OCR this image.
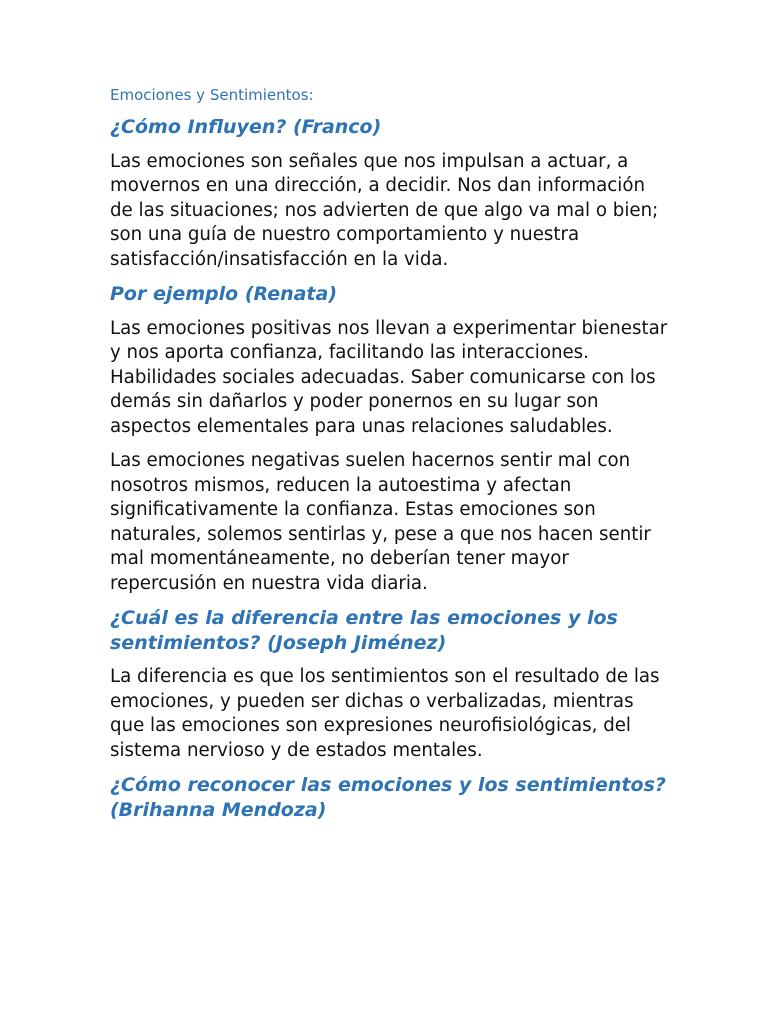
Emociones y Sentimientos:
¿Cómo Influyen? (Franco)
Las emociones son señales que nos impulsan a actuar, a movernos en una dirección, a decidir. Nos dan información de las situaciones; nos advierten de que algo va mal o bien; son una guía de nuestro comportamiento y nuestra satisfacción/insatisfacción en la vida.
Por ejemplo (Renata)
Las emociones positivas nos llevan a experimentar bienestar y nos aporta confianza, facilitando las interacciones. Habilidades sociales adecuadas. Saber comunicarse con los demás sin dañarlos y poder ponernos en su lugar son aspectos elementales para unas relaciones saludables.
Las emociones negativas suelen hacernos sentir mal con nosotros mismos, reducen la autoestima y afectan significativamente la confianza. Estas emociones son naturales, solemos sentirlas y, pese a que nos hacen sentir mal momentáneamente, no deberían tener mayor repercusión en nuestra vida diaria.
¿Cuál es la diferencia entre las emociones y los sentimientos? (Joseph Jiménez)
La diferencia es que los sentimientos son el resultado de las emociones, y pueden ser dichas o verbalizadas, mientras que las emociones son expresiones neurofisiológicas, del sistema nervioso y de estados mentales.
¿Cómo reconocer las emociones y los sentimientos? (Brihanna Mendoza)
